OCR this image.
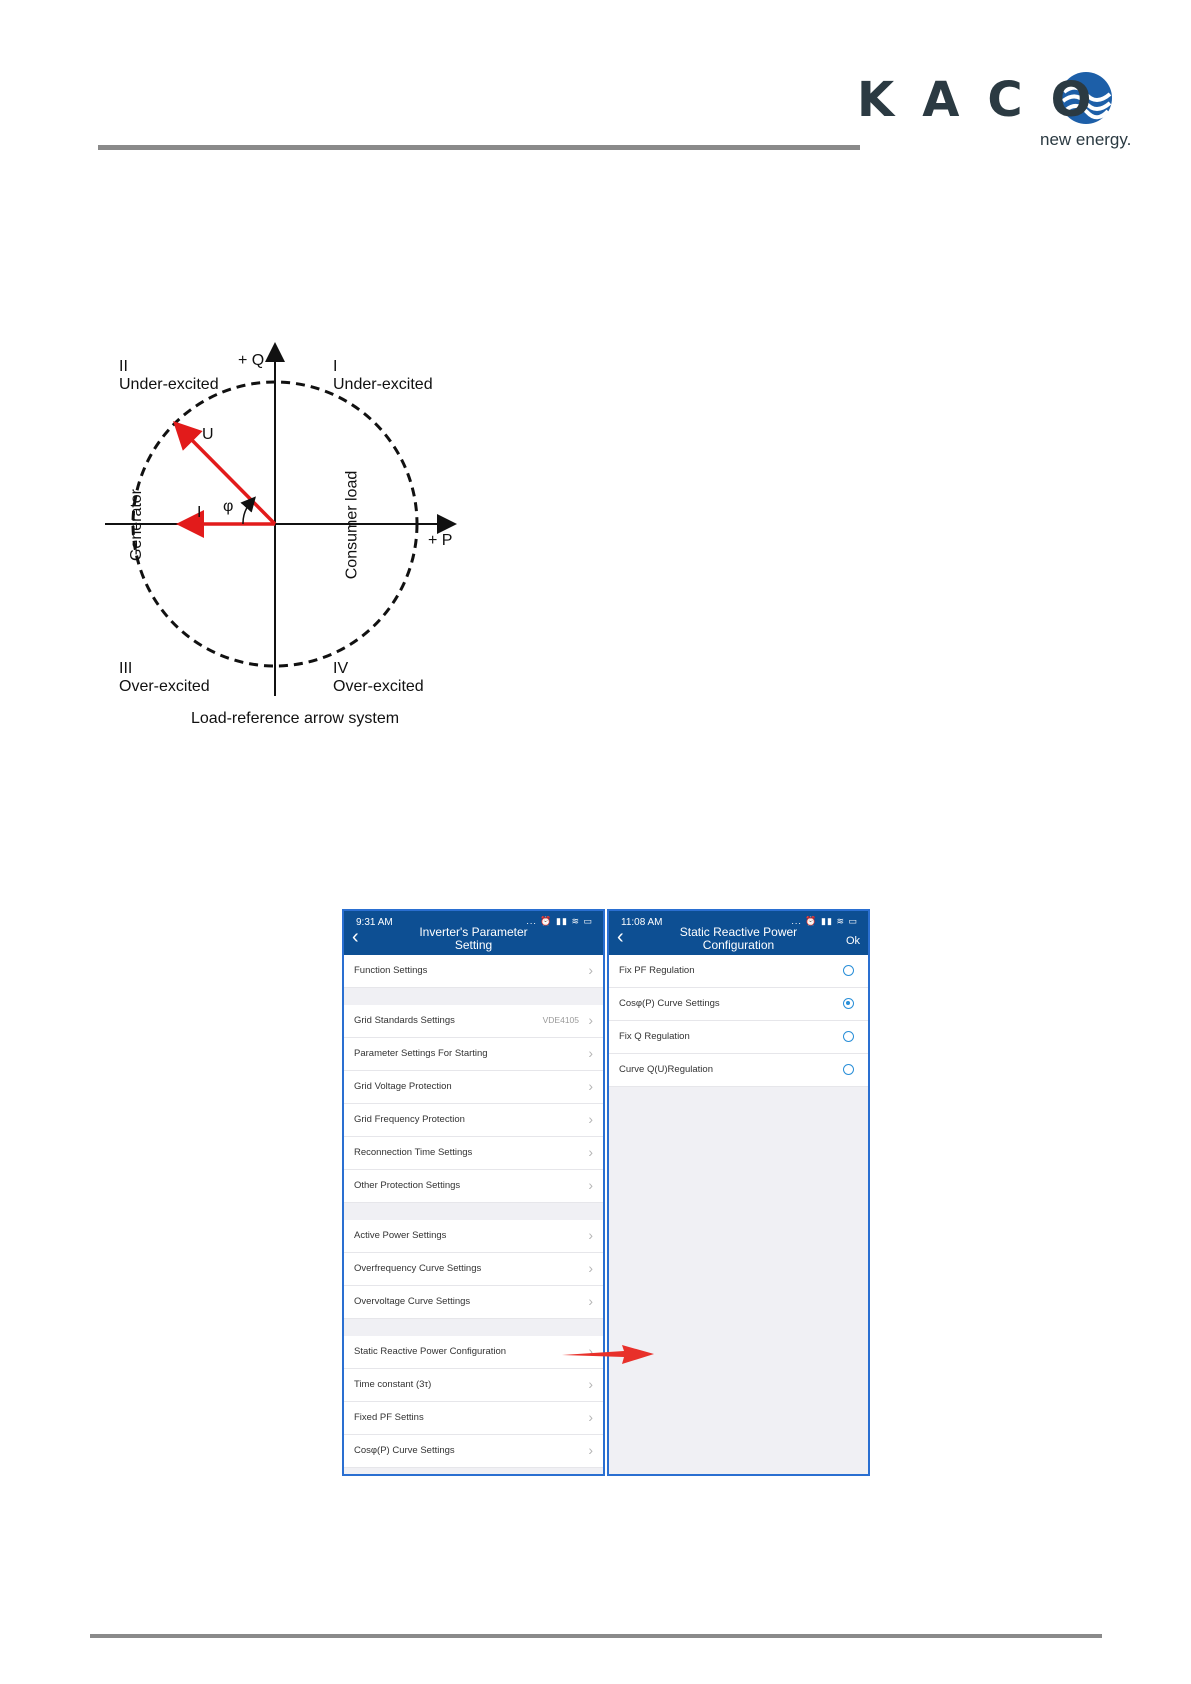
KACO
new energy.
+ Q
+ P
II
Under-excited
I
Under-excited
III
Over-excited
IV
Over-excited
U
I φ
Generator	Consumer load
Load-reference arrow system
9:31 AM	... ⏰ ▮▮ ≋ ▭
‹	Inverter's Parameter
Setting
Function Settings	›
Grid Standards Settings	VDE4105 ›
Parameter Settings For Starting	›
Grid Voltage Protection	›
Grid Frequency Protection	›
Reconnection Time Settings	›
Other Protection Settings	›
Active Power Settings	›
Overfrequency Curve Settings	›
Overvoltage Curve Settings	›
Static Reactive Power Configuration	›
Time constant (3τ)	›
Fixed PF Settins	›
Cosφ(P) Curve Settings	›
11:08 AM	... ⏰ ▮▮ ≋ ▭
‹	Static Reactive Power
Configuration	Ok
Fix PF Regulation
Cosφ(P) Curve Settings
Fix Q Regulation
Curve Q(U)Regulation
